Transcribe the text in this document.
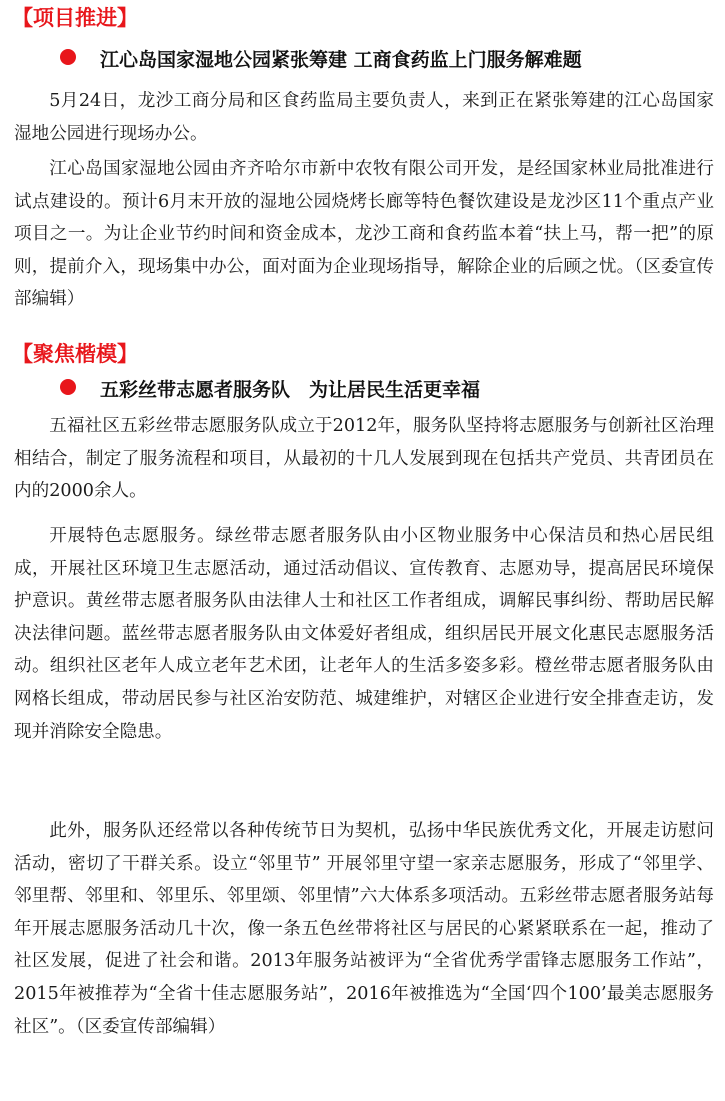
【项目推进】
江心岛国家湿地公园紧张筹建 工商食药监上门服务解难题

5月24日，龙沙工商分局和区食药监局主要负责人，来到正在紧张筹建的江心岛国家湿地公园进行现场办公。

江心岛国家湿地公园由齐齐哈尔市新中农牧有限公司开发，是经国家林业局批准进行试点建设的。预计6月末开放的湿地公园烧烤长廊等特色餐饮建设是龙沙区11个重点产业项目之一。为让企业节约时间和资金成本，龙沙工商和食药监本着“扶上马，帮一把”的原则，提前介入，现场集中办公，面对面为企业现场指导，解除企业的后顾之忧。（区委宣传部编辑）

【聚焦楷模】
五彩丝带志愿者服务队　为让居民生活更幸福

五福社区五彩丝带志愿服务队成立于2012年，服务队坚持将志愿服务与创新社区治理相结合，制定了服务流程和项目，从最初的十几人发展到现在包括共产党员、共青团员在内的2000余人。

开展特色志愿服务。绿丝带志愿者服务队由小区物业服务中心保洁员和热心居民组成，开展社区环境卫生志愿活动，通过活动倡议、宣传教育、志愿劝导，提高居民环境保护意识。黄丝带志愿者服务队由法律人士和社区工作者组成，调解民事纠纷、帮助居民解决法律问题。蓝丝带志愿者服务队由文体爱好者组成，组织居民开展文化惠民志愿服务活动。组织社区老年人成立老年艺术团，让老年人的生活多姿多彩。橙丝带志愿者服务队由网格长组成，带动居民参与社区治安防范、城建维护，对辖区企业进行安全排查走访，发现并消除安全隐患。

此外，服务队还经常以各种传统节日为契机，弘扬中华民族优秀文化，开展走访慰问活动，密切了干群关系。设立“邻里节” 开展邻里守望一家亲志愿服务，形成了“邻里学、邻里帮、邻里和、邻里乐、邻里颂、邻里情”六大体系多项活动。五彩丝带志愿者服务站每年开展志愿服务活动几十次，像一条五色丝带将社区与居民的心紧紧联系在一起，推动了社区发展，促进了社会和谐。2013年服务站被评为“全省优秀学雷锋志愿服务工作站”，2015年被推荐为“全省十佳志愿服务站”，2016年被推选为“全国‘四个100’最美志愿服务社区”。（区委宣传部编辑）
